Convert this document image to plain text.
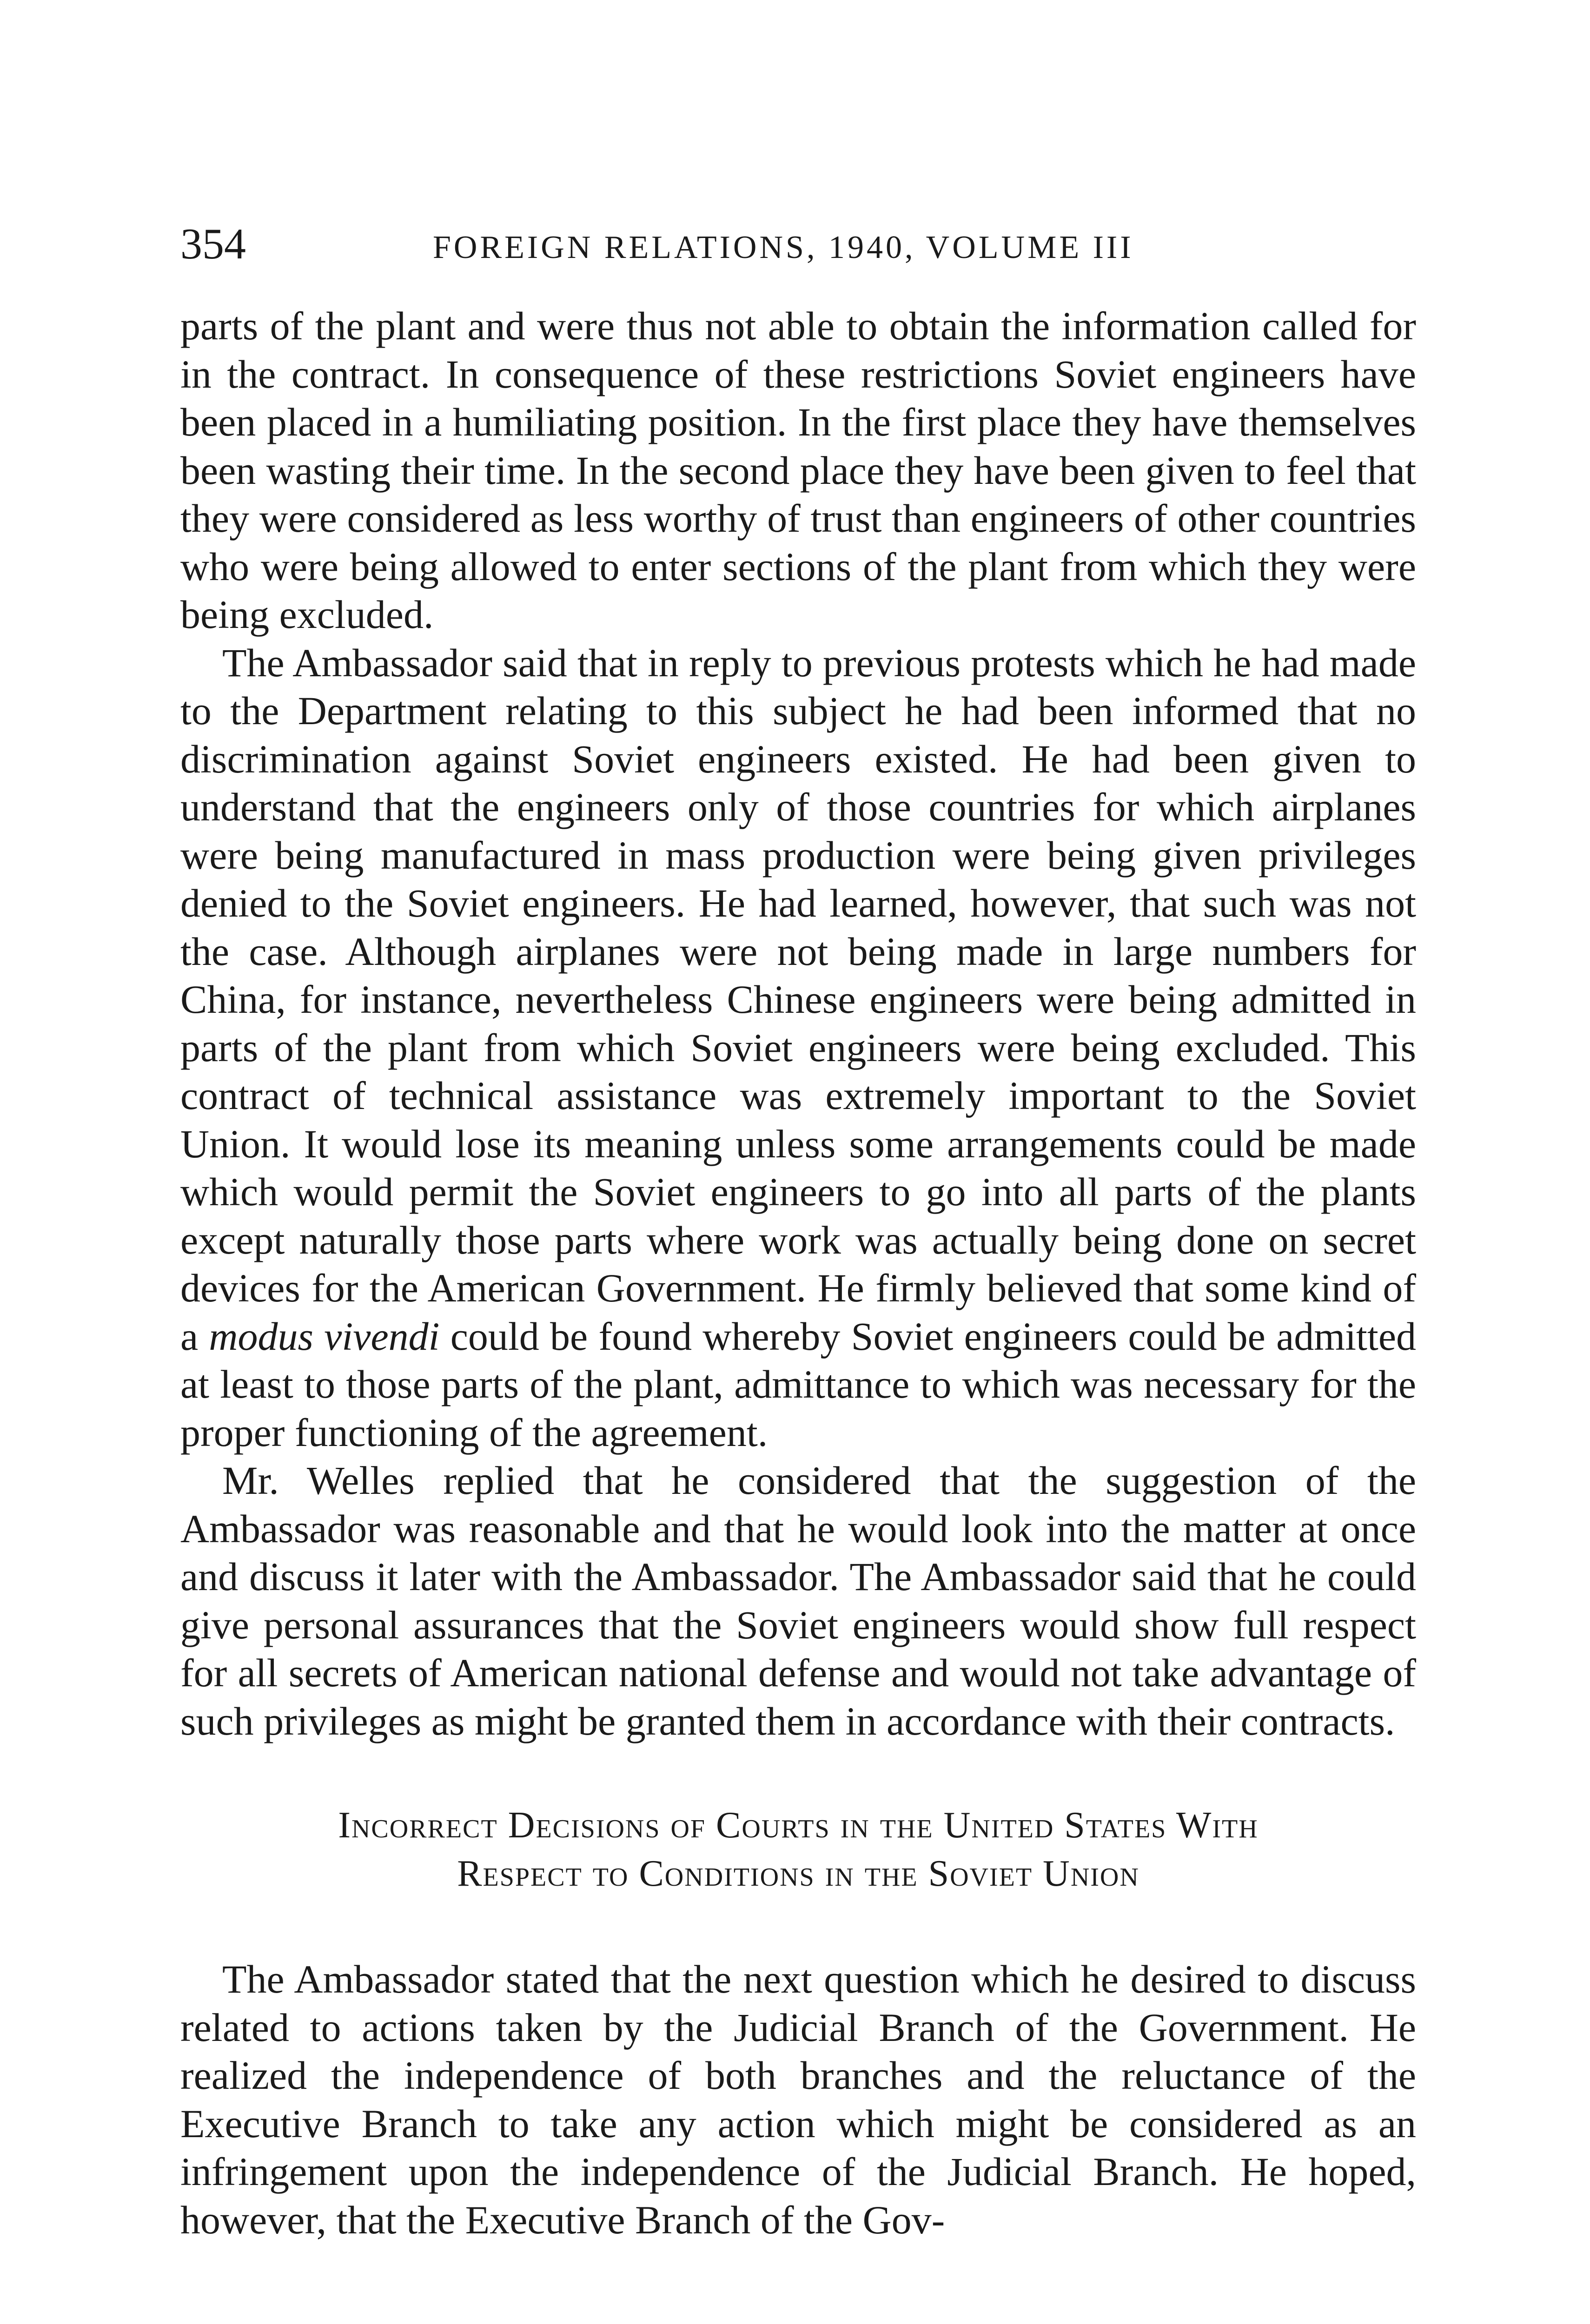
354	FOREIGN RELATIONS, 1940, VOLUME III

parts of the plant and were thus not able to obtain the information called for in the contract. In consequence of these restrictions Soviet engineers have been placed in a humiliating position. In the first place they have themselves been wasting their time. In the second place they have been given to feel that they were considered as less worthy of trust than engineers of other countries who were being allowed to enter sections of the plant from which they were being excluded.

The Ambassador said that in reply to previous protests which he had made to the Department relating to this subject he had been informed that no discrimination against Soviet engineers existed. He had been given to understand that the engineers only of those countries for which airplanes were being manufactured in mass production were being given privileges denied to the Soviet engineers. He had learned, however, that such was not the case. Although airplanes were not being made in large numbers for China, for instance, nevertheless Chinese engineers were being admitted in parts of the plant from which Soviet engineers were being excluded. This contract of technical assistance was extremely important to the Soviet Union. It would lose its meaning unless some arrangements could be made which would permit the Soviet engineers to go into all parts of the plants except naturally those parts where work was actually being done on secret devices for the American Government. He firmly believed that some kind of a modus vivendi could be found whereby Soviet engineers could be admitted at least to those parts of the plant, admittance to which was necessary for the proper functioning of the agreement.

Mr. Welles replied that he considered that the suggestion of the Ambassador was reasonable and that he would look into the matter at once and discuss it later with the Ambassador. The Ambassador said that he could give personal assurances that the Soviet engineers would show full respect for all secrets of American national defense and would not take advantage of such privileges as might be granted them in accordance with their contracts.

Incorrect Decisions of Courts in the United States With
Respect to Conditions in the Soviet Union

The Ambassador stated that the next question which he desired to discuss related to actions taken by the Judicial Branch of the Government. He realized the independence of both branches and the reluctance of the Executive Branch to take any action which might be considered as an infringement upon the independence of the Judicial Branch. He hoped, however, that the Executive Branch of the Gov-
